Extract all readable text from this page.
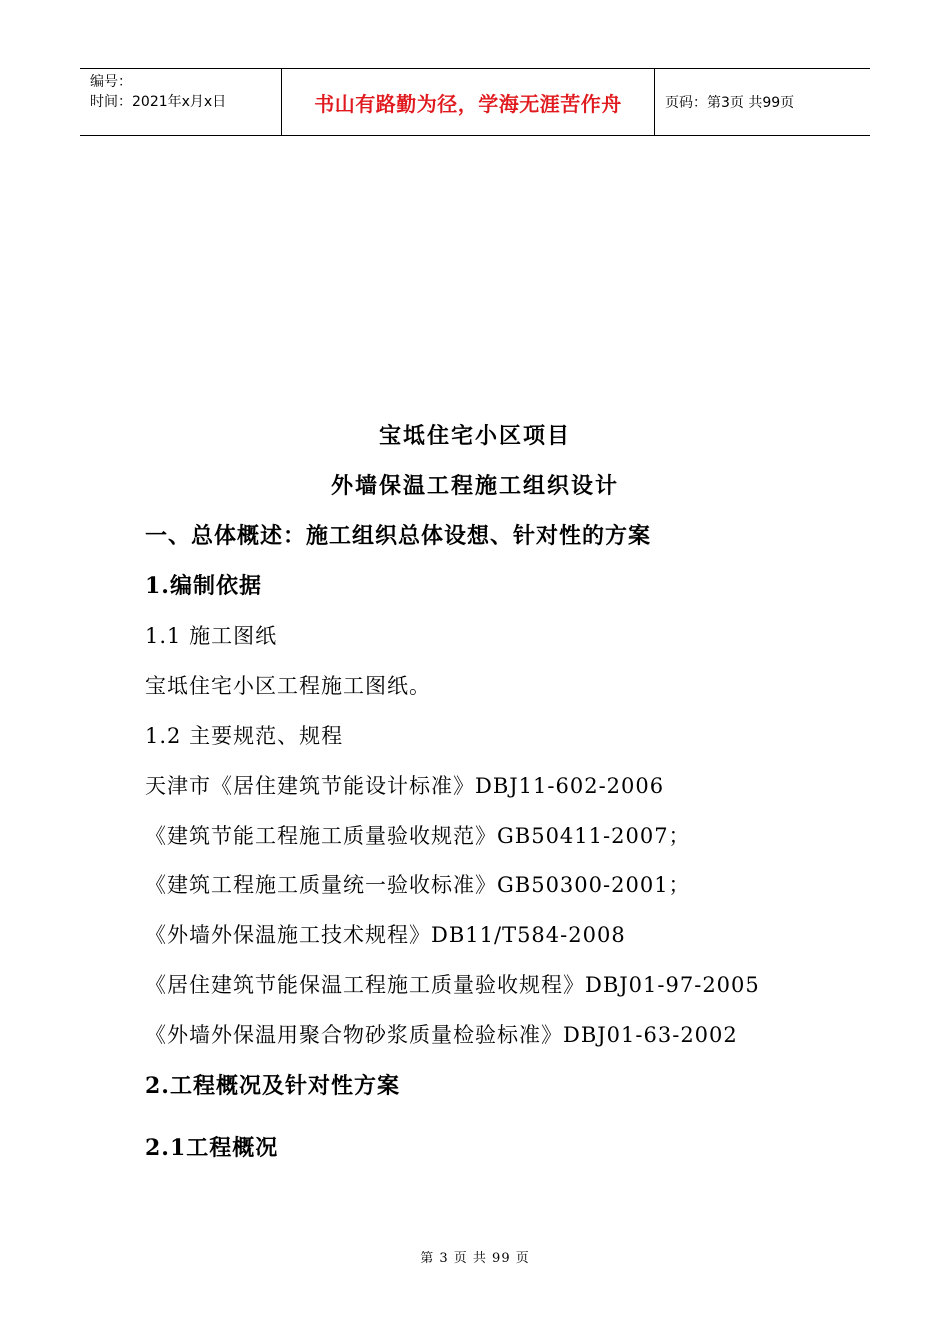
编号：
时间：2021年x月x日	书山有路勤为径，学海无涯苦作舟	页码：第3页 共99页
宝坻住宅小区项目
外墙保温工程施工组织设计
一、总体概述：施工组织总体设想、针对性的方案
1.编制依据
1.1 施工图纸
宝坻住宅小区工程施工图纸。
1.2 主要规范、规程
天津市《居住建筑节能设计标准》DBJ11-602-2006
《建筑节能工程施工质量验收规范》GB50411-2007；
《建筑工程施工质量统一验收标准》GB50300-2001；
《外墙外保温施工技术规程》DB11/T584-2008
《居住建筑节能保温工程施工质量验收规程》DBJ01-97-2005
《外墙外保温用聚合物砂浆质量检验标准》DBJ01-63-2002
2.工程概况及针对性方案
2.1工程概况
第 3 页 共 99 页
